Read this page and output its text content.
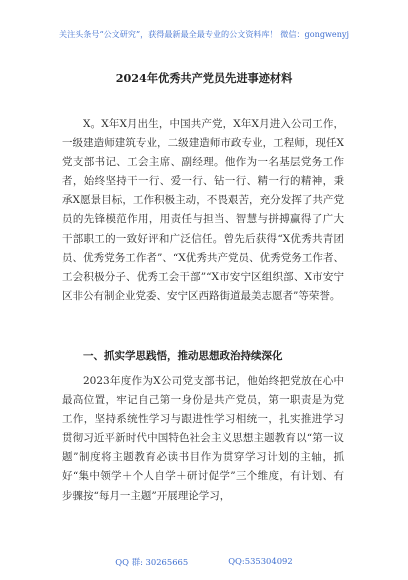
关注头条号“公文研究”，获得最新最全最专业的公文资料库！ 微信：gongwenyj
2024年优秀共产党员先进事迹材料

X。X年X月出生，中国共产党，X年X月进入公司工作，一级建造师建筑专业，二级建造师市政专业，工程师，现任X党支部书记、工会主席、副经理。他作为一名基层党务工作者，始终坚持干一行、爱一行、钻一行、精一行的精神，秉承X愿景目标，工作积极主动，不畏艰苦，充分发挥了共产党员的先锋模范作用，用责任与担当、智慧与拼搏赢得了广大干部职工的一致好评和广泛信任。曾先后获得“X优秀共青团员、优秀党务工作者”、“X优秀共产党员、优秀党务工作者、工会积极分子、优秀工会干部”“X市安宁区组织部、X市安宁区非公有制企业党委、安宁区西路街道最美志愿者”等荣誉。

一、抓实学思践悟，推动思想政治持续深化

2023年度作为X公司党支部书记，他始终把党放在心中最高位置，牢记自己第一身份是共产党员，第一职责是为党工作，坚持系统性学习与跟进性学习相统一，扎实推进学习贯彻习近平新时代中国特色社会主义思想主题教育以“第一议题”制度将主题教育必读书目作为贯穿学习计划的主轴，抓好“集中领学＋个人自学＋研讨促学”三个维度，有计划、有步骤按“每月一主题”开展理论学习，

QQ 群: 30265665	QQ:535304092
